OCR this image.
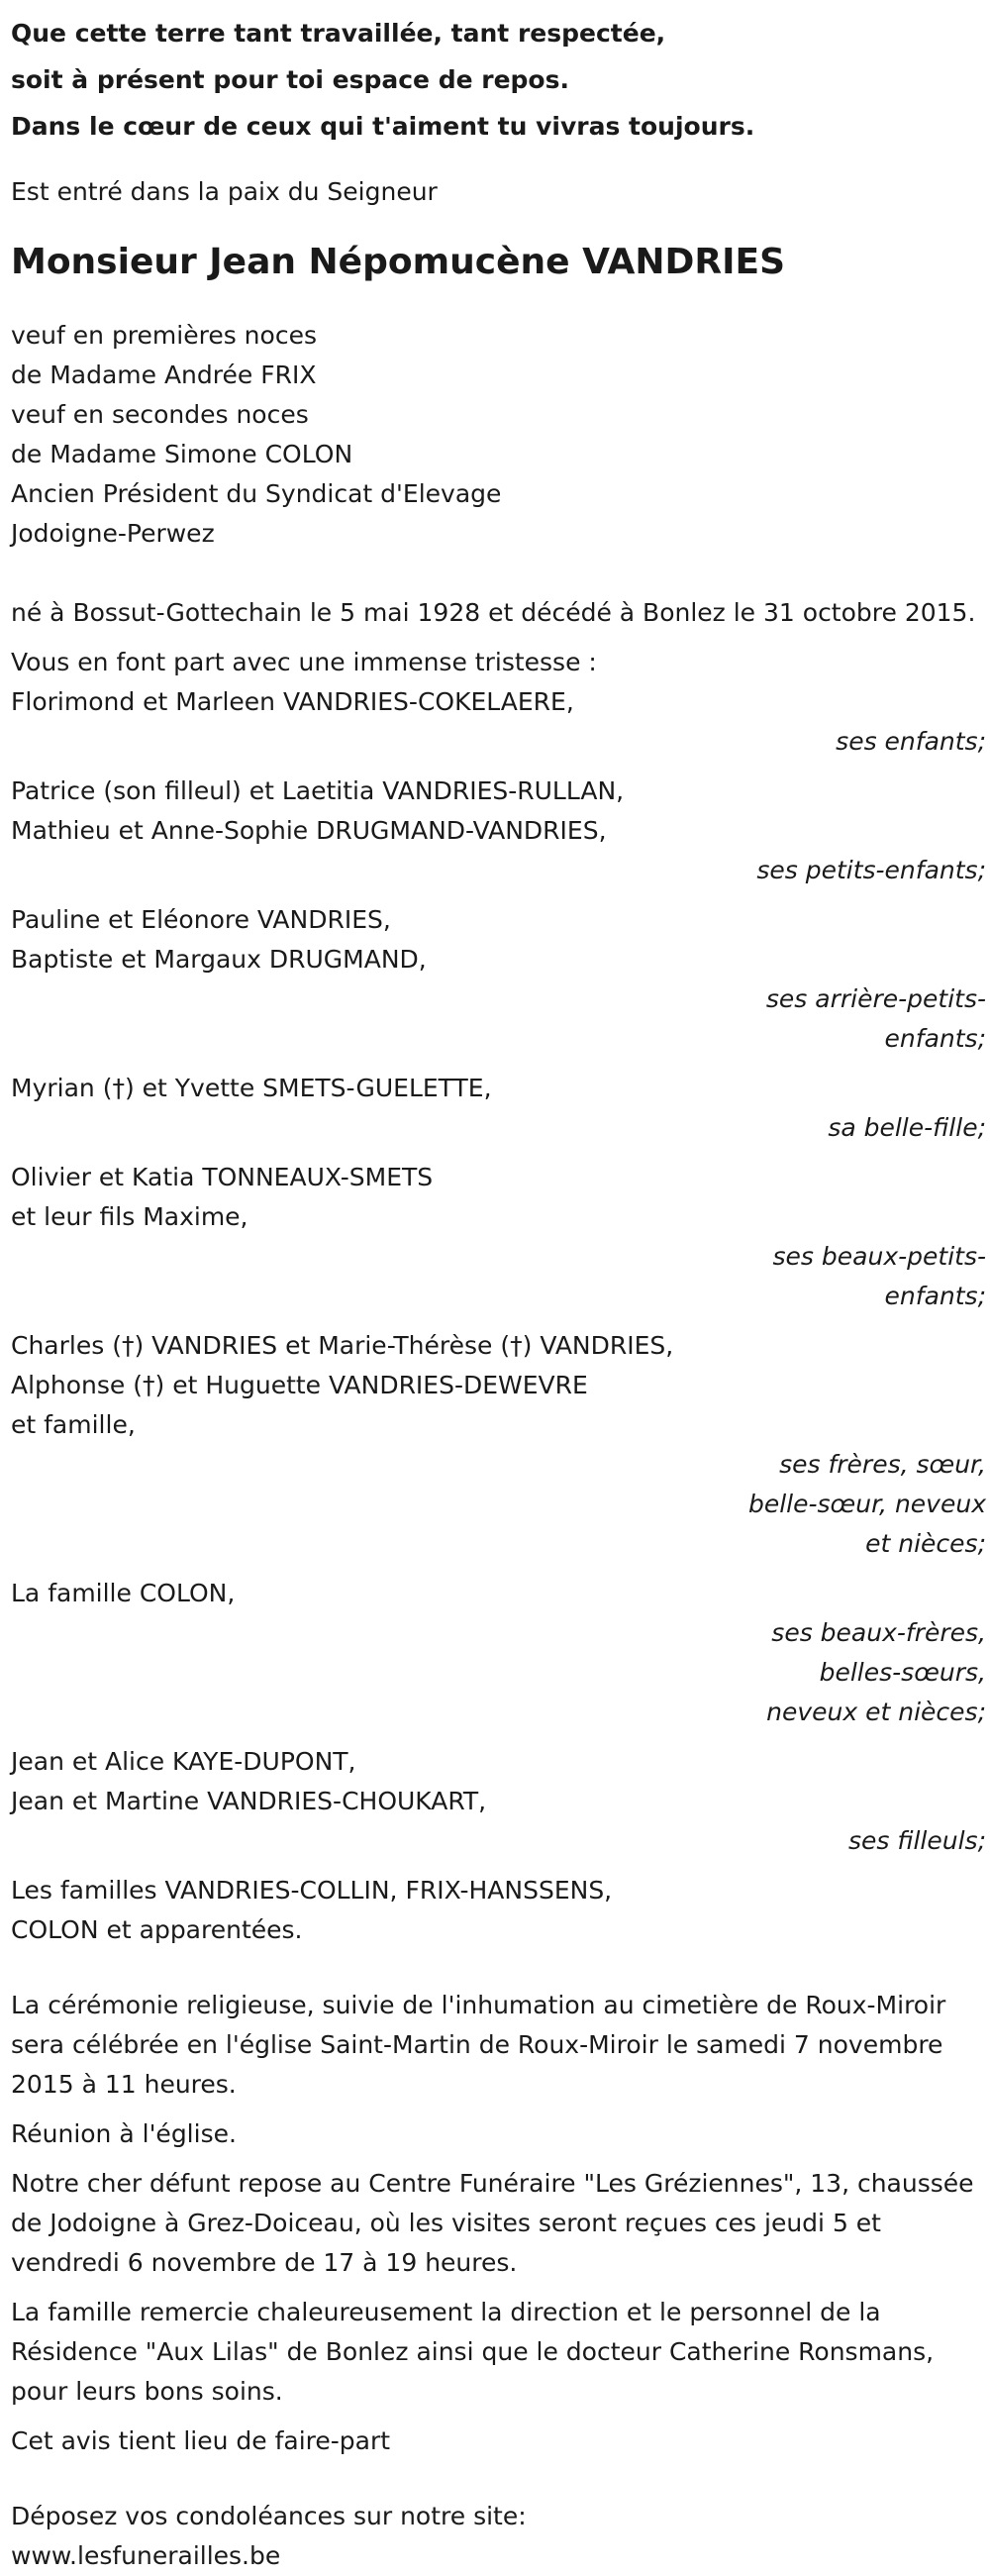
Que cette terre tant travaillée, tant respectée,

soit à présent pour toi espace de repos.

Dans le cœur de ceux qui t'aiment tu vivras toujours.

Est entré dans la paix du Seigneur
Monsieur Jean Népomucène VANDRIES
veuf en premières noces
de Madame Andrée FRIX
veuf en secondes noces
de Madame Simone COLON
Ancien Président du Syndicat d'Elevage
Jodoigne-Perwez
né à Bossut-Gottechain le 5 mai 1928 et décédé à Bonlez le 31 octobre 2015.
Vous en font part avec une immense tristesse :
Florimond et Marleen VANDRIES-COKELAERE,
ses enfants;
Patrice (son filleul) et Laetitia VANDRIES-RULLAN,
Mathieu et Anne-Sophie DRUGMAND-VANDRIES,
ses petits-enfants;
Pauline et Eléonore VANDRIES,
Baptiste et Margaux DRUGMAND,
ses arrière-petits-
enfants;
Myrian (†) et Yvette SMETS-GUELETTE,
sa belle-fille;
Olivier et Katia TONNEAUX-SMETS
et leur fils Maxime,
ses beaux-petits-
enfants;
Charles (†) VANDRIES et Marie-Thérèse (†) VANDRIES,
Alphonse (†) et Huguette VANDRIES-DEWEVRE
et famille,
ses frères, sœur,
belle-sœur, neveux
et nièces;
La famille COLON,
ses beaux-frères,
belles-sœurs,
neveux et nièces;
Jean et Alice KAYE-DUPONT,
Jean et Martine VANDRIES-CHOUKART,
ses filleuls;
Les familles VANDRIES-COLLIN, FRIX-HANSSENS,
COLON et apparentées.

La cérémonie religieuse, suivie de l'inhumation au cimetière de Roux-Miroir sera célébrée en l'église Saint-Martin de Roux-Miroir le samedi 7 novembre 2015 à 11 heures.

Réunion à l'église.

Notre cher défunt repose au Centre Funéraire "Les Gréziennes", 13, chaussée de Jodoigne à Grez-Doiceau, où les visites seront reçues ces jeudi 5 et vendredi 6 novembre de 17 à 19 heures.

La famille remercie chaleureusement la direction et le personnel de la Résidence "Aux Lilas" de Bonlez ainsi que le docteur Catherine Ronsmans, pour leurs bons soins.

Cet avis tient lieu de faire-part

Déposez vos condoléances sur notre site:

www.lesfunerailles.be
